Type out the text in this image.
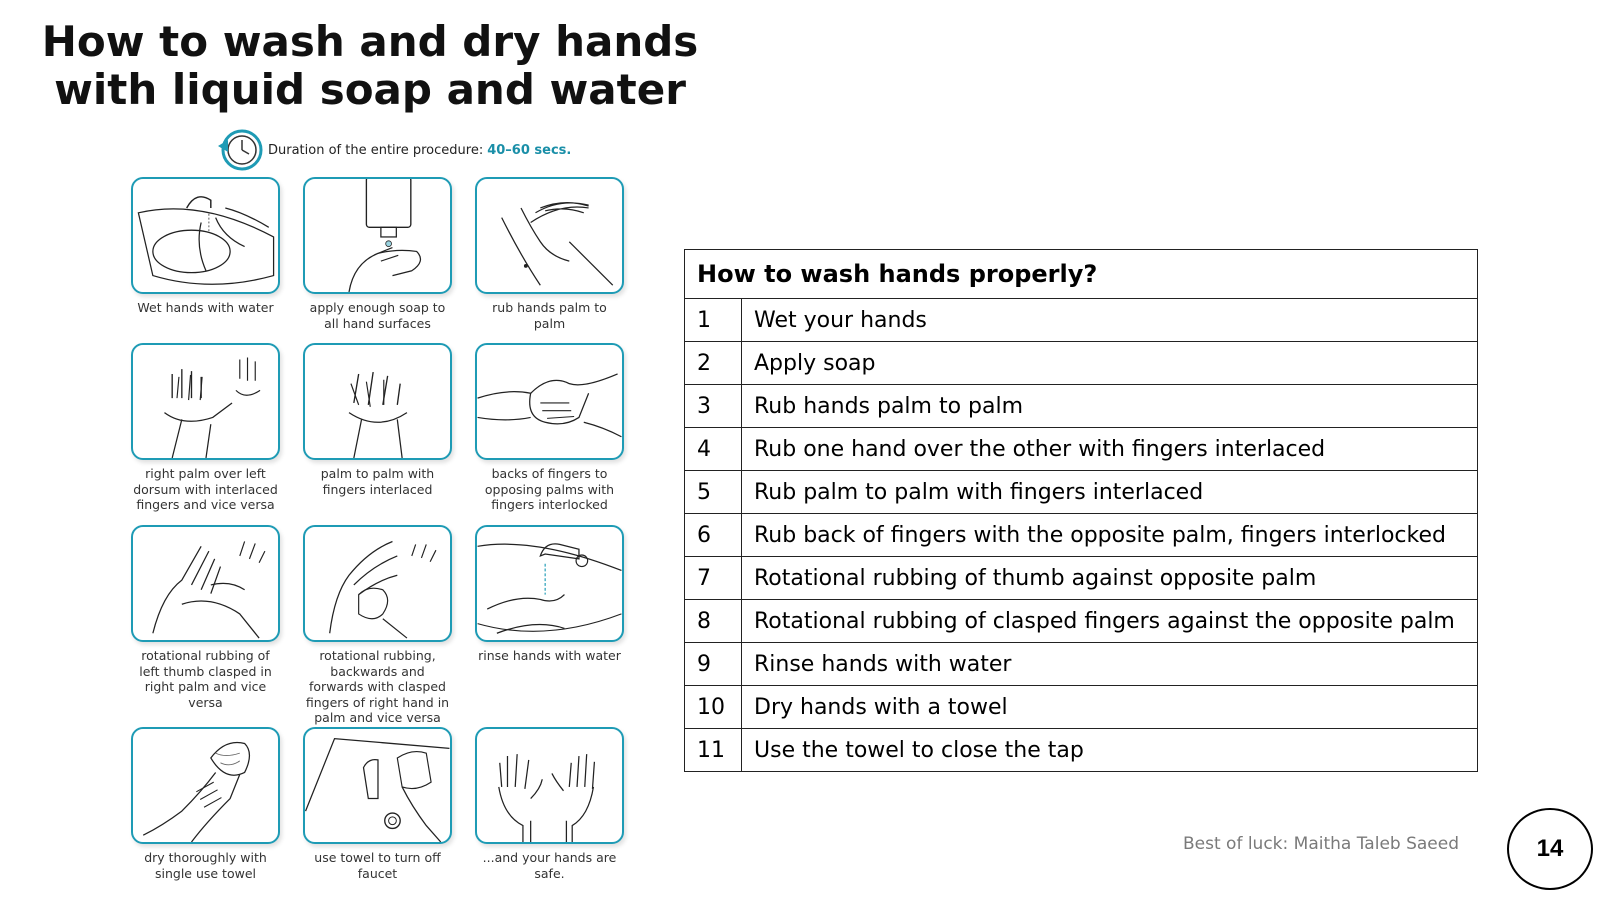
How to wash and dry hands
with liquid soap and water
Duration of the entire procedure: 40–60 secs.
Wet hands with water	apply enough soap to all hand surfaces
rub hands palm to palm
right palm over left dorsum with interlaced fingers and vice versa
palm to palm with fingers interlaced
backs of fingers to opposing palms with fingers interlocked
rotational rubbing of left thumb clasped in right palm and vice versa
rotational rubbing, backwards and forwards with clasped fingers of right hand in palm and vice versa
rinse hands with water
dry thoroughly with single use towel
use towel to turn off faucet
...and your hands are safe.
How to wash hands properly?	
1	Wet your hands
2	Apply soap
3	Rub hands palm to palm
4	Rub one hand over the other with fingers interlaced
5	Rub palm to palm with fingers interlaced
6	Rub back of fingers with the opposite palm, fingers interlocked
7	Rotational rubbing of thumb against opposite palm
8	Rotational rubbing of clasped fingers against the opposite palm
9	Rinse hands with water
10	Dry hands with a towel
11	Use the towel to close the tap
Best of luck: Maitha Taleb Saeed	14
